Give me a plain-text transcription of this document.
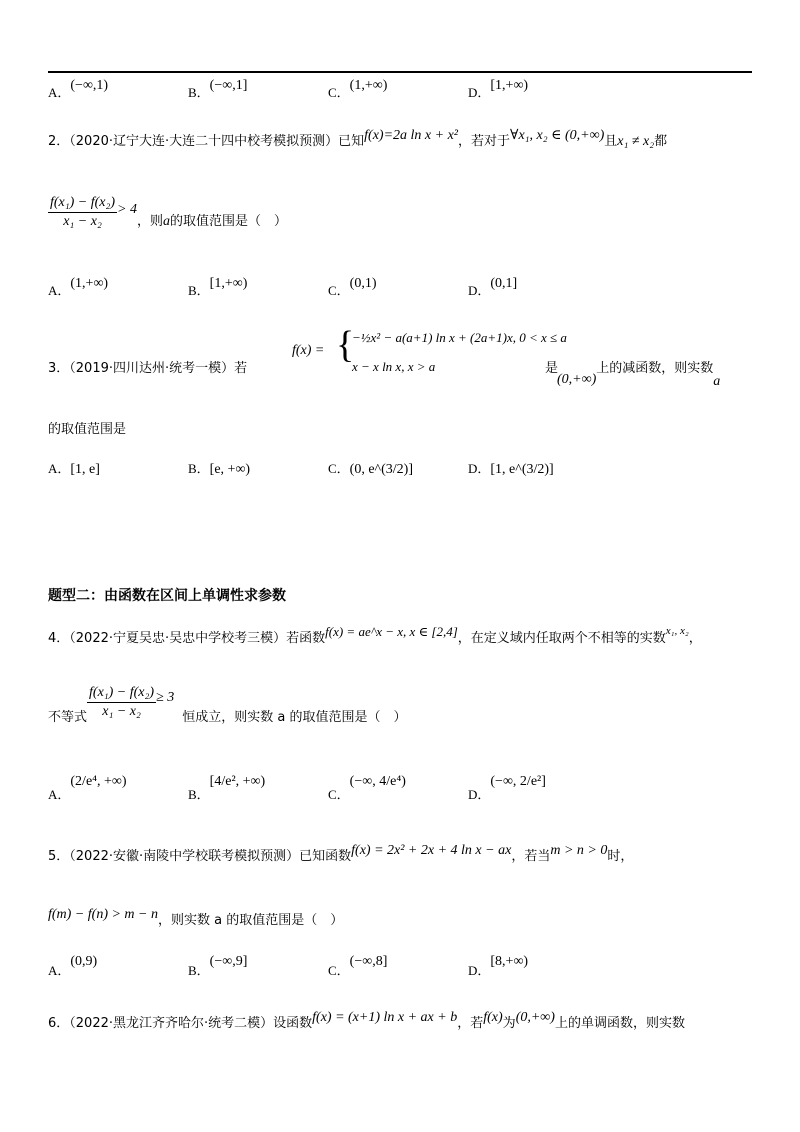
A．(−∞,1)	B．(−∞,1]	C．(1,+∞)	D．[1,+∞)
2．（2020·辽宁大连·大连二十四中校考模拟预测）已知f(x)=2a ln x + x²，若对于∀x₁, x₂ ∈ (0,+∞)且x₁ ≠ x₂都
$\frac{\text{f(x₁) − f(x₂)}}{\text{x₁ − x₂}} > 4_{,则}a_{的取值范围是( )}$
A．(1,+∞)	B．[1,+∞)	C．(0,1)	D．(0,1]
3．（2019·四川达州·统考一模）若
f(x) = {
−½x² − a(a+1) ln x + (2a+1)x, 0 < x ≤ a
x − x ln x, x > a	是
$(0,+\infty)^{上的减函数,则实数}a$
的取值范围是
A．[1, e]	B．[e, +∞)	C．(0, e^(3/2)]	D．[1, e^(3/2)]
题型二：由函数在区间上单调性求参数
4．（2022·宁夏吴忠·吴忠中学校考三模）若函数$^{f(x) = ae\^{}x - x, x \in [2,4]}$，在定义域内任取两个不相等的实数$^{x_1, x_2}$，
$_{不等式} \frac{\text{f(x₁) − f(x₂)}}{\text{x₁ − x₂}} \ge 3_{恒成立,则实数 a 的取值范围是( )}$
$_{A.}$(2/e⁴, +∞)
$_{B.}$[4/e², +∞)
$_{C.}$(−∞, 4/e⁴)
$_{D.}$(−∞, 2/e²]
5．（2022·安徽·南陵中学校联考模拟预测）已知函数f(x) = 2x² + 2x + 4 ln x − ax，若当m > n > 0时，
$f(m) - f(n) > m - n_{,则实数 a 的取值范围是( )}$
$_{A.}$(0,9)
$_{B.}$(−∞,9]
$_{C.}$(−∞,8]
$_{D.}$[8,+∞)
6．（2022·黑龙江齐齐哈尔·统考二模）设函数f(x) = (x+1) ln x + ax + b，若f(x)为(0,+∞)上的单调函数，则实数
